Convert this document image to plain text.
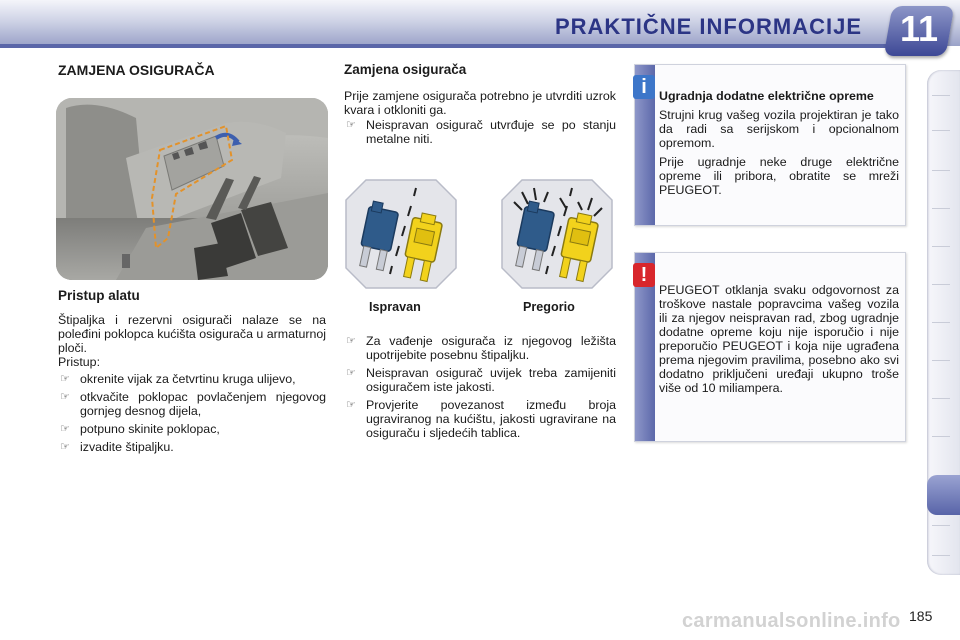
PRAKTIČNE INFORMACIJE	11
ZAMJENA OSIGURAČA
Pristup alatu

Štipaljka i rezervni osigurači nalaze se na poleđini poklopca kućišta osigurača u armaturnoj ploči.

Pristup:

☞ okrenite vijak za četvrtinu kruga ulijevo,
☞ otkvačite poklopac povlačenjem njegovog gornjeg desnog dijela,
☞ potpuno skinite poklopac,
☞ izvadite štipaljku.
Zamjena osigurača

Prije zamjene osigurača potrebno je utvrditi uzrok kvara i otkloniti ga.

☞ Neispravan osigurač utvrđuje se po stanju metalne niti.
Ispravan	Pregorio
☞ Za vađenje osigurača iz njegovog ležišta upotrijebite posebnu štipaljku.
☞ Neispravan osigurač uvijek treba zamijeniti osiguračem iste jakosti.
☞ Provjerite povezanost između broja ugraviranog na kućištu, jakosti ugravirane na osiguraču i sljedećih tablica.
i Ugradnja dodatne električne opreme

Strujni krug vašeg vozila projektiran je tako da radi sa serijskom i opcionalnom opremom.

Prije ugradnje neke druge električne opreme ili pribora, obratite se mreži PEUGEOT.

!

PEUGEOT otklanja svaku odgovornost za troškove nastale popravcima vašeg vozila ili za njegov neispravan rad, zbog ugradnje dodatne opreme koju nije isporučio i nije preporučio PEUGEOT i koja nije ugrađena prema njegovim pravilima, posebno ako svi dodatno priključeni uređaji ukupno troše više od 10 miliampera.

carmanualsonline.info 185
